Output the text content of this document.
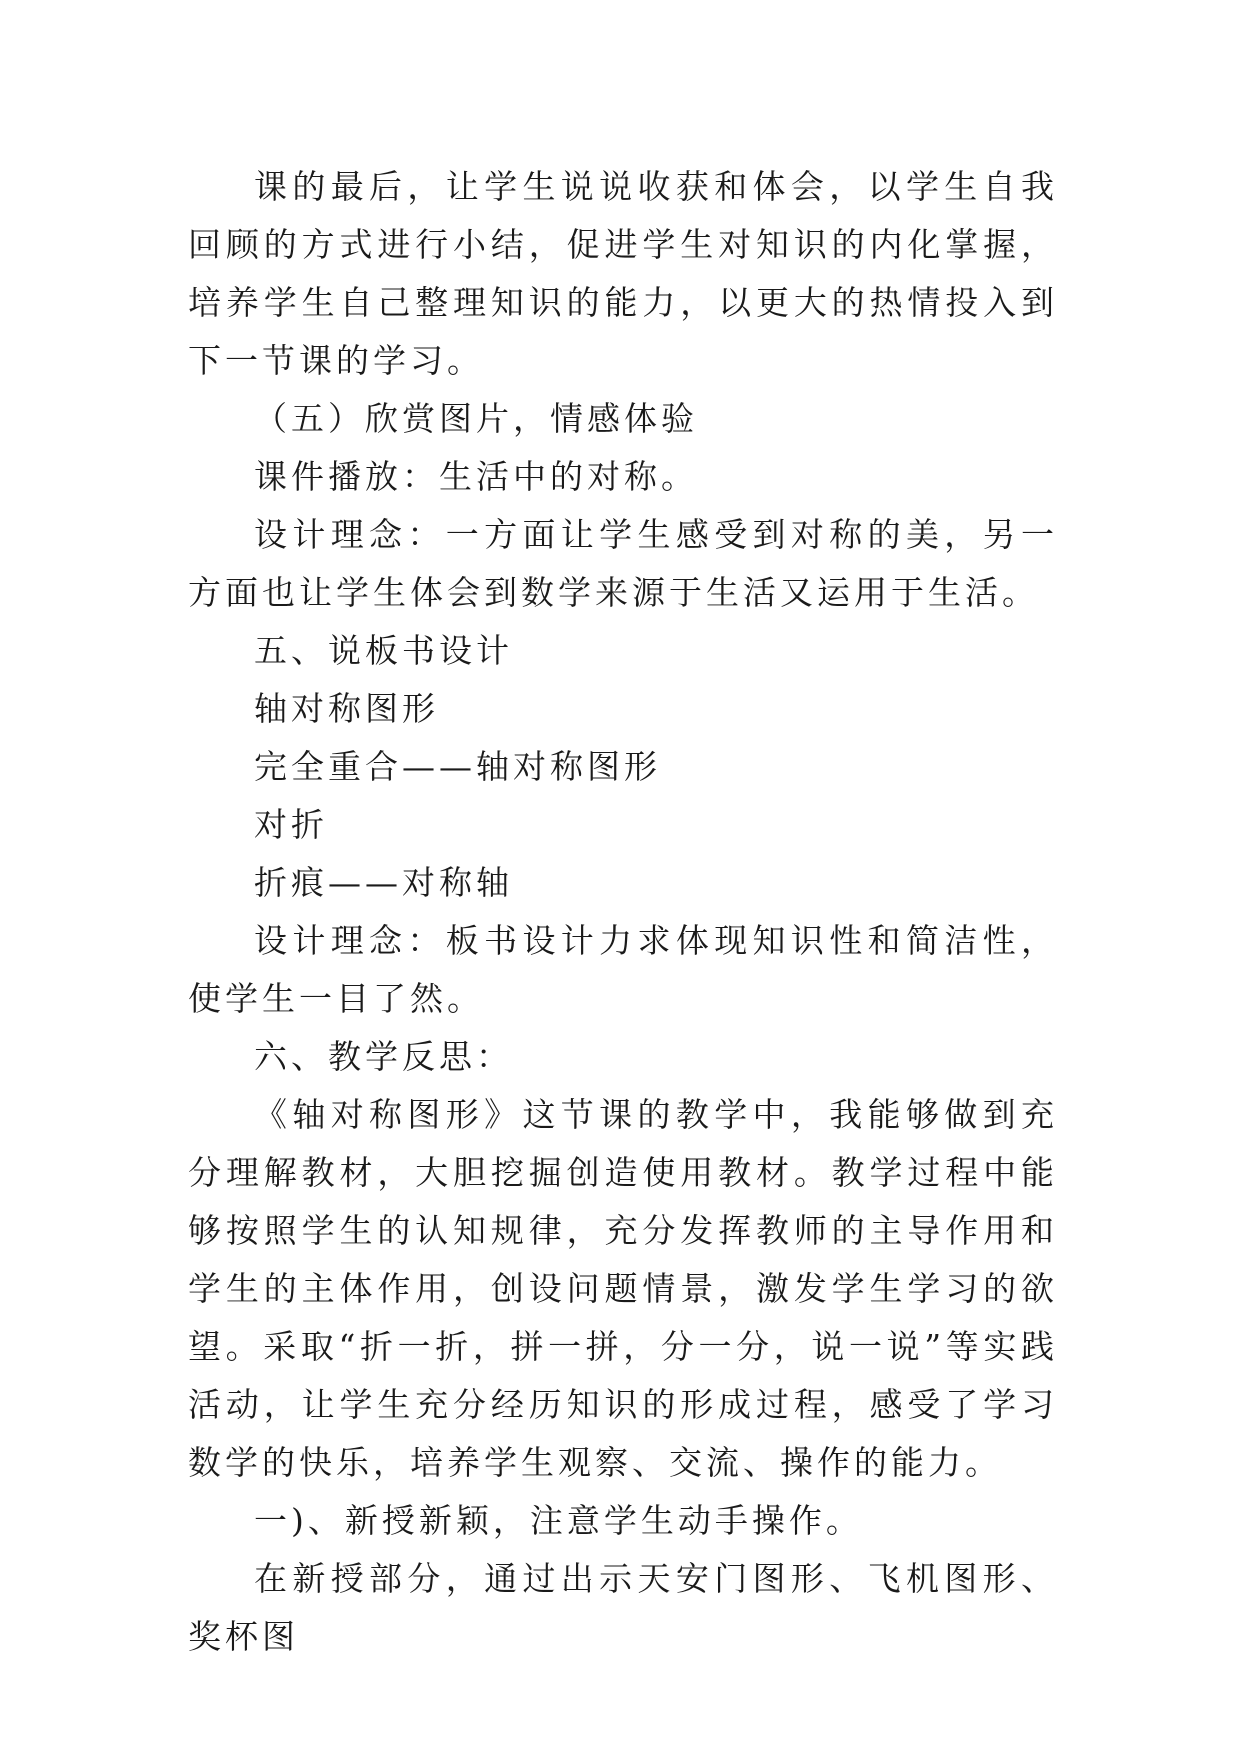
课的最后，让学生说说收获和体会，以学生自我回顾的方式进行小结，促进学生对知识的内化掌握，培养学生自己整理知识的能力，以更大的热情投入到下一节课的学习。

（五）欣赏图片，情感体验

课件播放：生活中的对称。

设计理念：一方面让学生感受到对称的美，另一方面也让学生体会到数学来源于生活又运用于生活。

五、说板书设计

轴对称图形

完全重合——轴对称图形

对折

折痕——对称轴

设计理念：板书设计力求体现知识性和简洁性，使学生一目了然。

六、教学反思：

《轴对称图形》这节课的教学中，我能够做到充分理解教材，大胆挖掘创造使用教材。教学过程中能够按照学生的认知规律，充分发挥教师的主导作用和学生的主体作用，创设问题情景，激发学生学习的欲望。采取“折一折，拼一拼，分一分，说一说”等实践活动，让学生充分经历知识的形成过程，感受了学习数学的快乐，培养学生观察、交流、操作的能力。

一)、新授新颖，注意学生动手操作。

在新授部分，通过出示天安门图形、飞机图形、奖杯图
